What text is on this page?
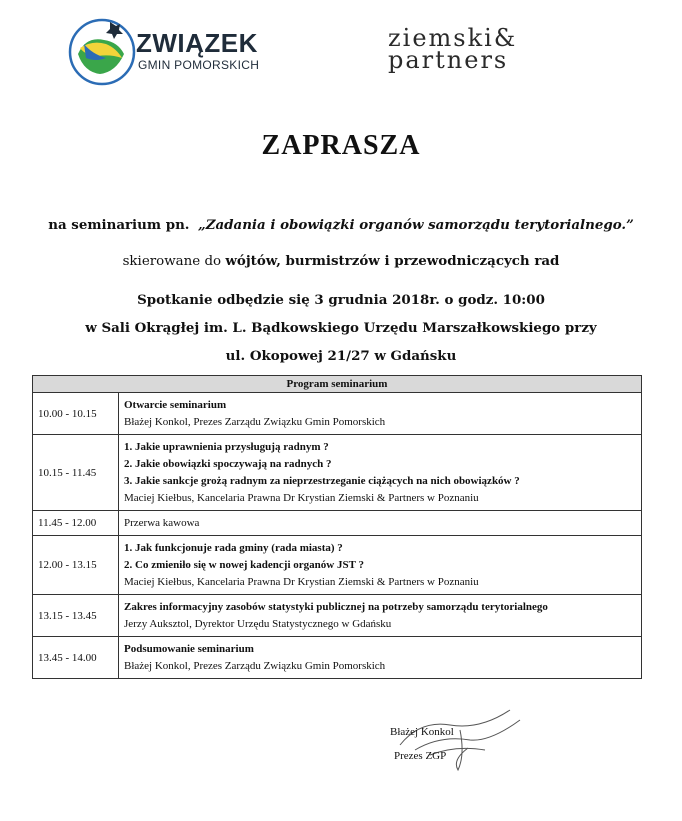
ZWIĄZEK
GMIN POMORSKICH
ziemski&
partners
ZAPRASZA
na seminarium pn. „Zadania i obowiązki organów samorządu terytorialnego.”
skierowane do wójtów, burmistrzów i przewodniczących rad
Spotkanie odbędzie się 3 grudnia 2018r. o godz. 10:00
w Sali Okrągłej im. L. Bądkowskiego Urzędu Marszałkowskiego przy
ul. Okopowej 21/27 w Gdańsku
Program seminarium	
10.00 - 10.15	Otwarcie seminarium
Błażej Konkol, Prezes Zarządu Związku Gmin Pomorskich

10.15 - 11.45	1. Jakie uprawnienia przysługują radnym ?
2. Jakie obowiązki spoczywają na radnych ?
3. Jakie sankcje grożą radnym za nieprzestrzeganie ciążących na nich obowiązków ?
Maciej Kiełbus, Kancelaria Prawna Dr Krystian Ziemski & Partners w Poznaniu

11.45 - 12.00	Przerwa kawowa

12.00 - 13.15	1. Jak funkcjonuje rada gminy (rada miasta) ?
2. Co zmieniło się w nowej kadencji organów JST ?
Maciej Kiełbus, Kancelaria Prawna Dr Krystian Ziemski & Partners w Poznaniu

13.15 - 13.45	Zakres informacyjny zasobów statystyki publicznej na potrzeby samorządu terytorialnego
Jerzy Auksztol, Dyrektor Urzędu Statystycznego w Gdańsku

13.45 - 14.00	Podsumowanie seminarium
Błażej Konkol, Prezes Zarządu Związku Gmin Pomorskich
Błażej Konkol
Prezes ZGP
